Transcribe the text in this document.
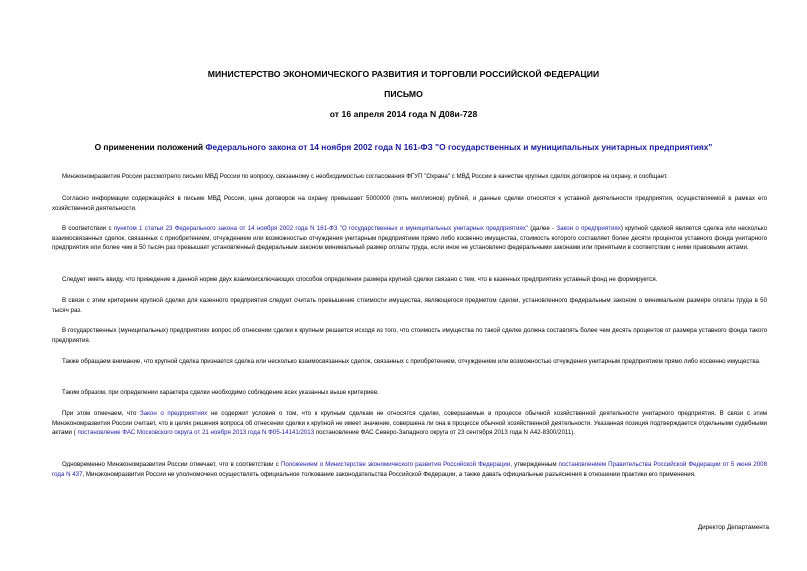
МИНИСТЕРСТВО ЭКОНОМИЧЕСКОГО РАЗВИТИЯ И ТОРГОВЛИ РОССИЙСКОЙ ФЕДЕРАЦИИ
ПИСЬМО
от 16 апреля 2014 года N Д08и-728
О применении положений Федерального закона от 14 ноября 2002 года N 161-ФЗ "О государственных и муниципальных унитарных предприятиях"
Минэкономразвития России рассмотрело письмо МВД России по вопросу, связанному с необходимостью согласования ФГУП "Охрана" с МВД России в качестве крупных сделок договоров на охрану, и сообщает.
Согласно информации содержащейся в письме МВД России, цена договоров на охрану превышает 5000000 (пять миллионов) рублей, и данные сделки относятся к уставной деятельности предприятия, осуществляемой в рамках его хозяйственной деятельности.
В соответствии с пунктом 1 статьи 23 Федерального закона от 14 ноября 2002 года N 161-ФЗ "О государственных и муниципальных унитарных предприятиях" (далее - Закон о предприятиях) крупной сделкой является сделка или несколько взаимосвязанных сделок, связанных с приобретением, отчуждением или возможностью отчуждения унитарным предприятием прямо либо косвенно имущества, стоимость которого составляет более десяти процентов уставного фонда унитарного предприятия или более чем в 50 тысяч раз превышает установленный федеральным законом минимальный размер оплаты труда, если иное не установлено федеральными законами или принятыми в соответствии с ними правовыми актами.
Следует иметь ввиду, что приведение в данной норме двух взаимоисключающих способов определения размера крупной сделки связано с тем, что в казенных предприятиях уставный фонд не формируется.
В связи с этим критерием крупной сделки для казенного предприятия следует считать превышение стоимости имущества, являющегося предметом сделки, установленного федеральным законом о минимальном размере оплаты труда в 50 тысяч раз.
В государственных (муниципальных) предприятиях вопрос об отнесении сделки к крупным решается исходя из того, что стоимость имущества по такой сделке должна составлять более чем десять процентов от размера уставного фонда такого предприятия.
Также обращаем внимание, что крупной сделка признается сделка или несколько взаимосвязанных сделок, связанных с приобретением, отчуждением или возможностью отчуждения унитарным предприятием прямо либо косвенно имущества.
Таким образом, при определении характера сделки необходимо соблюдение всех указанных выше критериев.
При этом отмечаем, что Закон о предприятиях не содержит условия о том, что к крупным сделкам не относятся сделки, совершаемые в процессе обычной хозяйственной деятельности унитарного предприятия. В связи с этим Минэкономразвития России считает, что в целях решения вопроса об отнесении сделки к крупной не имеет значение, совершена ли она в процессе обычной хозяйственной деятельности. Указанная позиция подтверждается отдельными судебными актами ( постановление ФАС Московского округа от 21 ноября 2013 года N Ф05-14141/2013 постановление ФАС Северо-Западного округа от 23 сентября 2013 года N А42-8300/2011).
Одновременно Минэкономразвития России отмечает, что в соответствии с Положением о Министерстве экономического развития Российской Федерации, утвержденным постановлением Правительства Российской Федерации от 5 июня 2008 года N 437, Минэкономразвития России не уполномочено осуществлять официальное толкование законодательства Российской Федерации, а также давать официальные разъяснения в отношении практики его применения.
Директор Департамента
